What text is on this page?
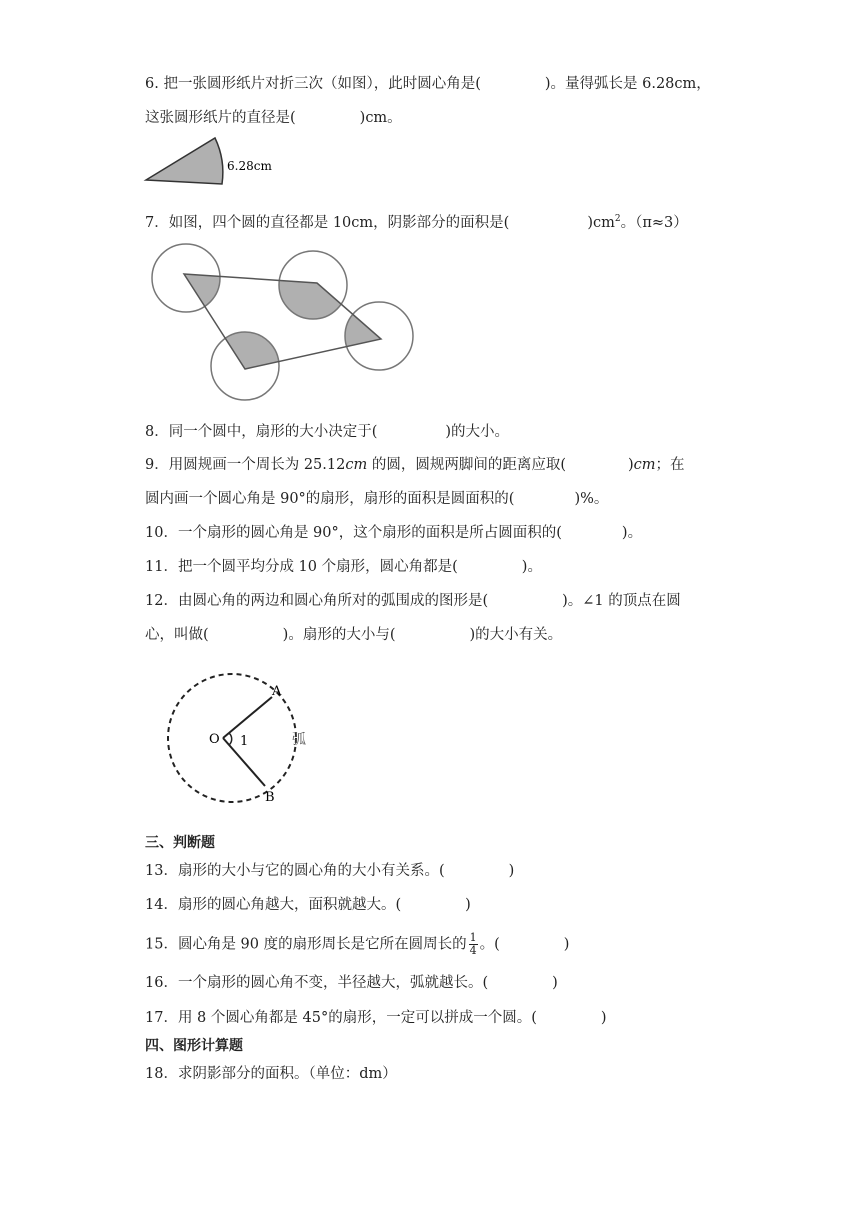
6. 把一张圆形纸片对折三次（如图），此时圆心角是(	)。量得弧长是 6.28cm，
这张圆形纸片的直径是(	)cm。
6.28cm
7．如图，四个圆的直径都是 10cm，阴影部分的面积是(	)$cm^2$。（π≈3）
8．同一个圆中，扇形的大小决定于(	)的大小。
9．用圆规画一个周长为 25.12cm 的圆，圆规两脚间的距离应取(	)cm；在
圆内画一个圆心角是 90°的扇形，扇形的面积是圆面积的(	)%。
10．一个扇形的圆心角是 90°，这个扇形的面积是所占圆面积的(	)。
11．把一个圆平均分成 10 个扇形，圆心角都是(	)。
12．由圆心角的两边和圆心角所对的弧围成的图形是(	)。∠1 的顶点在圆
心，叫做(	)。扇形的大小与(	)的大小有关。
A
B
O 1	弧
三、判断题
13．扇形的大小与它的圆心角的大小有关系。(	)
14．扇形的圆心角越大，面积就越大。(	)
15．圆心角是 90 度的扇形周长是它所在圆周长的 $\frac{1}{4}$ 。(	)
16．一个扇形的圆心角不变，半径越大，弧就越长。(	)
17．用 8 个圆心角都是 45°的扇形，一定可以拼成一个圆。(	)
四、图形计算题
18．求阴影部分的面积。（单位：dm）
